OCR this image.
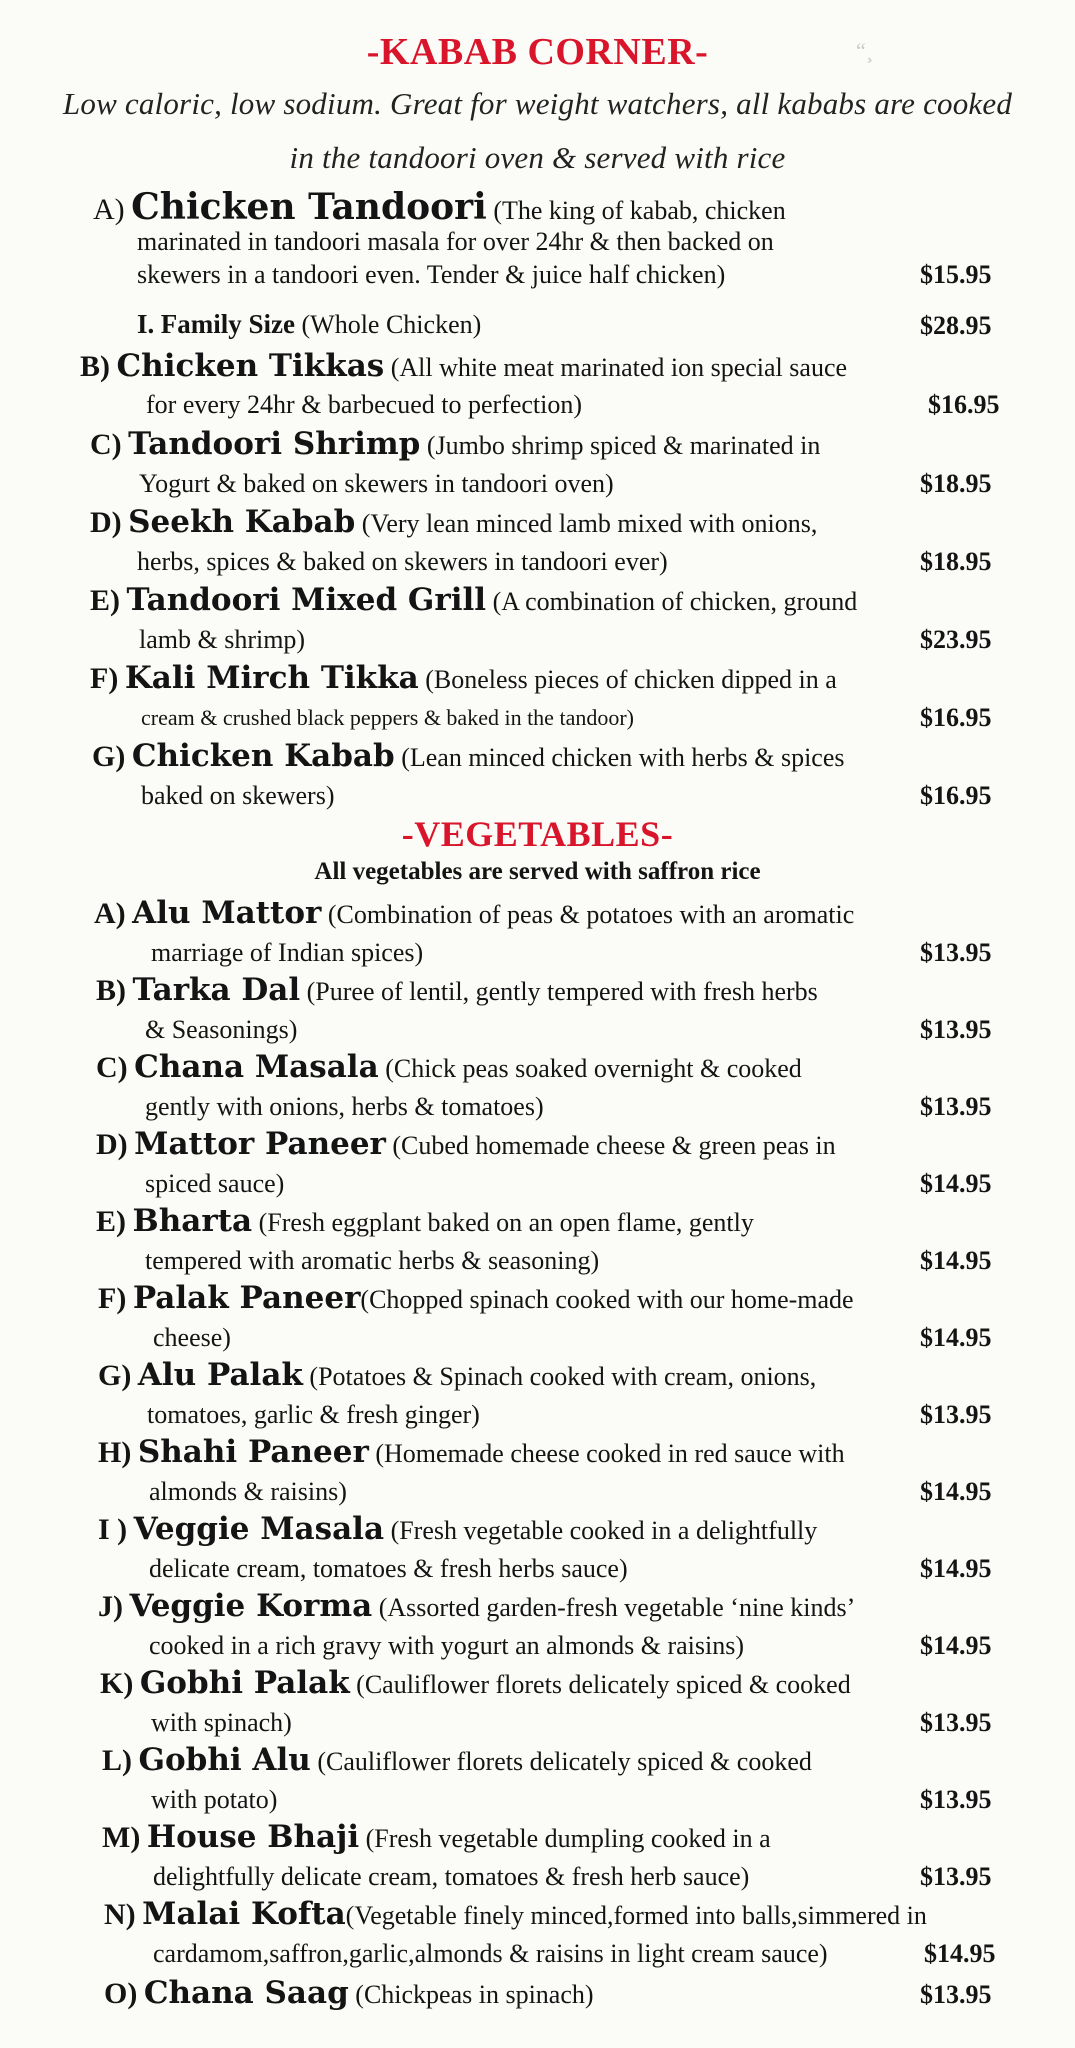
“¸
-KABAB CORNER-
Low caloric, low sodium. Great for weight watchers, all kababs are cooked
in the tandoori oven & served with rice
A) Chicken Tandoori (The king of kabab, chicken
marinated in tandoori masala for over 24hr & then backed on
skewers in a tandoori even. Tender & juice half chicken)	$15.95
I. Family Size (Whole Chicken)	$28.95
B) Chicken Tikkas (All white meat marinated ion special sauce
for every 24hr & barbecued to perfection)	$16.95
C) Tandoori Shrimp (Jumbo shrimp spiced & marinated in
Yogurt & baked on skewers in tandoori oven)	$18.95
D) Seekh Kabab (Very lean minced lamb mixed with onions,
herbs, spices & baked on skewers in tandoori ever)	$18.95
E) Tandoori Mixed Grill (A combination of chicken, ground
lamb & shrimp)	$23.95
F) Kali Mirch Tikka (Boneless pieces of chicken dipped in a
cream & crushed black peppers & baked in the tandoor)	$16.95
G) Chicken Kabab (Lean minced chicken with herbs & spices
baked on skewers)	$16.95
-VEGETABLES-
All vegetables are served with saffron rice
A) Alu Mattor (Combination of peas & potatoes with an aromatic
marriage of Indian spices)	$13.95
B) Tarka Dal (Puree of lentil, gently tempered with fresh herbs
& Seasonings)	$13.95
C) Chana Masala (Chick peas soaked overnight & cooked
gently with onions, herbs & tomatoes)	$13.95
D) Mattor Paneer (Cubed homemade cheese & green peas in
spiced sauce)	$14.95
E) Bharta (Fresh eggplant baked on an open flame, gently
tempered with aromatic herbs & seasoning)	$14.95
F) Palak Paneer(Chopped spinach cooked with our home-made
cheese)	$14.95
G) Alu Palak (Potatoes & Spinach cooked with cream, onions,
tomatoes, garlic & fresh ginger)	$13.95
H) Shahi Paneer (Homemade cheese cooked in red sauce with
almonds & raisins)	$14.95
I ) Veggie Masala (Fresh vegetable cooked in a delightfully
delicate cream, tomatoes & fresh herbs sauce)	$14.95
J) Veggie Korma (Assorted garden-fresh vegetable ‘nine kinds’
cooked in a rich gravy with yogurt an almonds & raisins)	$14.95
K) Gobhi Palak (Cauliflower florets delicately spiced & cooked
with spinach)	$13.95
L) Gobhi Alu (Cauliflower florets delicately spiced & cooked
with potato)	$13.95
M) House Bhaji (Fresh vegetable dumpling cooked in a
delightfully delicate cream, tomatoes & fresh herb sauce)	$13.95
N) Malai Kofta(Vegetable finely minced,formed into balls,simmered in
cardamom,saffron,garlic,almonds & raisins in light cream sauce)	$14.95
O) Chana Saag (Chickpeas in spinach)	$13.95
